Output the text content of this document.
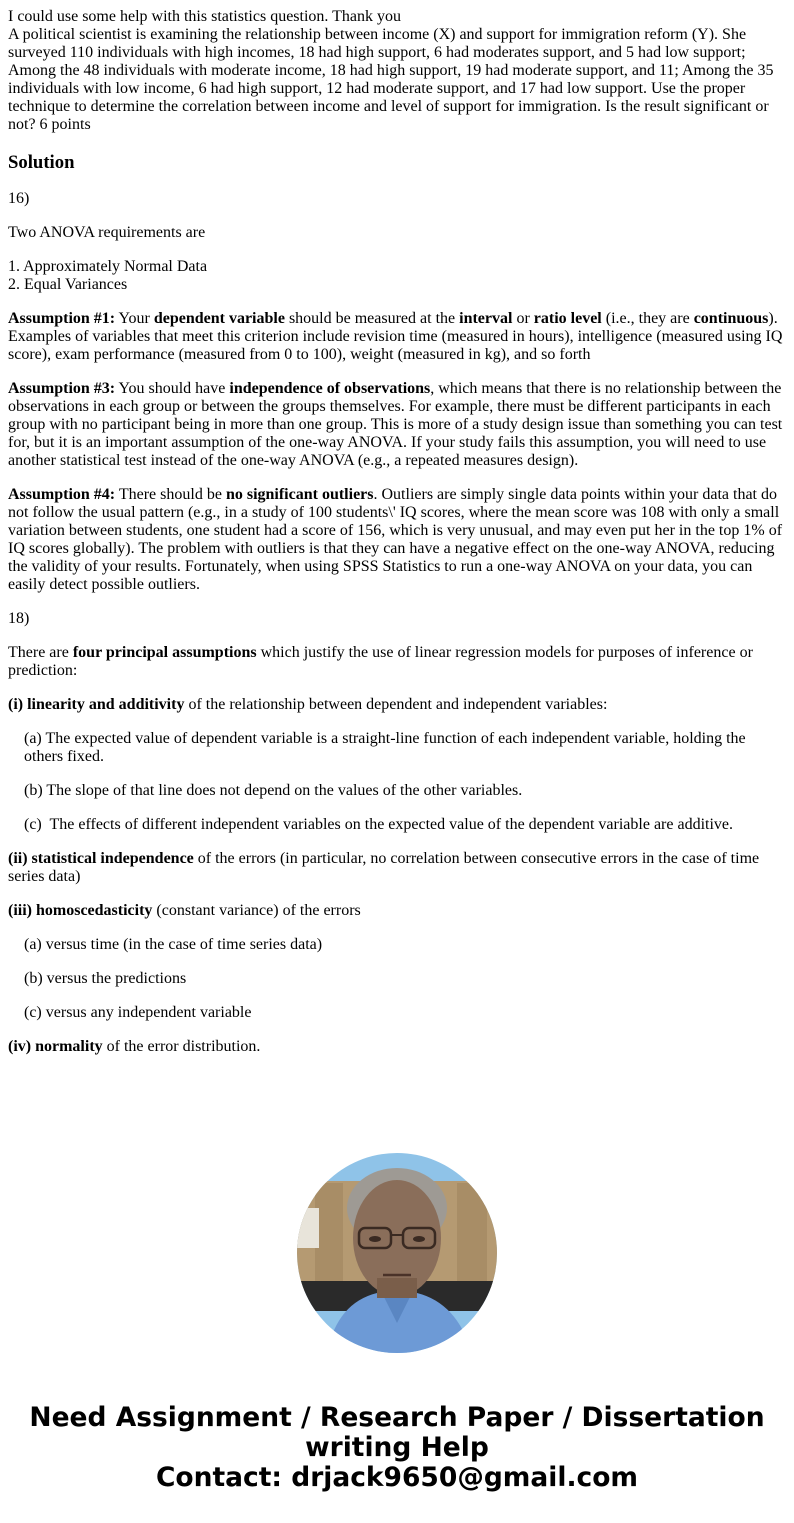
I could use some help with this statistics question. Thank you
A political scientist is examining the relationship between income (X) and support for immigration reform (Y). She surveyed 110 individuals with high incomes, 18 had high support, 6 had moderates support, and 5 had low support; Among the 48 individuals with moderate income, 18 had high support, 19 had moderate support, and 11; Among the 35 individuals with low income, 6 had high support, 12 had moderate support, and 17 had low support. Use the proper technique to determine the correlation between income and level of support for immigration. Is the result significant or not? 6 points
Solution

16)

Two ANOVA requirements are

1. Approximately Normal Data
2. Equal Variances

Assumption #1: Your dependent variable should be measured at the interval or ratio level (i.e., they are continuous). Examples of variables that meet this criterion include revision time (measured in hours), intelligence (measured using IQ score), exam performance (measured from 0 to 100), weight (measured in kg), and so forth

Assumption #3: You should have independence of observations, which means that there is no relationship between the observations in each group or between the groups themselves. For example, there must be different participants in each group with no participant being in more than one group. This is more of a study design issue than something you can test for, but it is an important assumption of the one-way ANOVA. If your study fails this assumption, you will need to use another statistical test instead of the one-way ANOVA (e.g., a repeated measures design).

Assumption #4: There should be no significant outliers. Outliers are simply single data points within your data that do not follow the usual pattern (e.g., in a study of 100 students\' IQ scores, where the mean score was 108 with only a small variation between students, one student had a score of 156, which is very unusual, and may even put her in the top 1% of IQ scores globally). The problem with outliers is that they can have a negative effect on the one-way ANOVA, reducing the validity of your results. Fortunately, when using SPSS Statistics to run a one-way ANOVA on your data, you can easily detect possible outliers.

18)

There are four principal assumptions which justify the use of linear regression models for purposes of inference or prediction:

(i) linearity and additivity of the relationship between dependent and independent variables:

(a) The expected value of dependent variable is a straight-line function of each independent variable, holding the others fixed.

(b) The slope of that line does not depend on the values of the other variables.

(c)  The effects of different independent variables on the expected value of the dependent variable are additive.

(ii) statistical independence of the errors (in particular, no correlation between consecutive errors in the case of time series data)

(iii) homoscedasticity (constant variance) of the errors

(a) versus time (in the case of time series data)

(b) versus the predictions

(c) versus any independent variable

(iv) normality of the error distribution.

Need Assignment / Research Paper / Dissertation
writing Help
Contact: drjack9650@gmail.com
